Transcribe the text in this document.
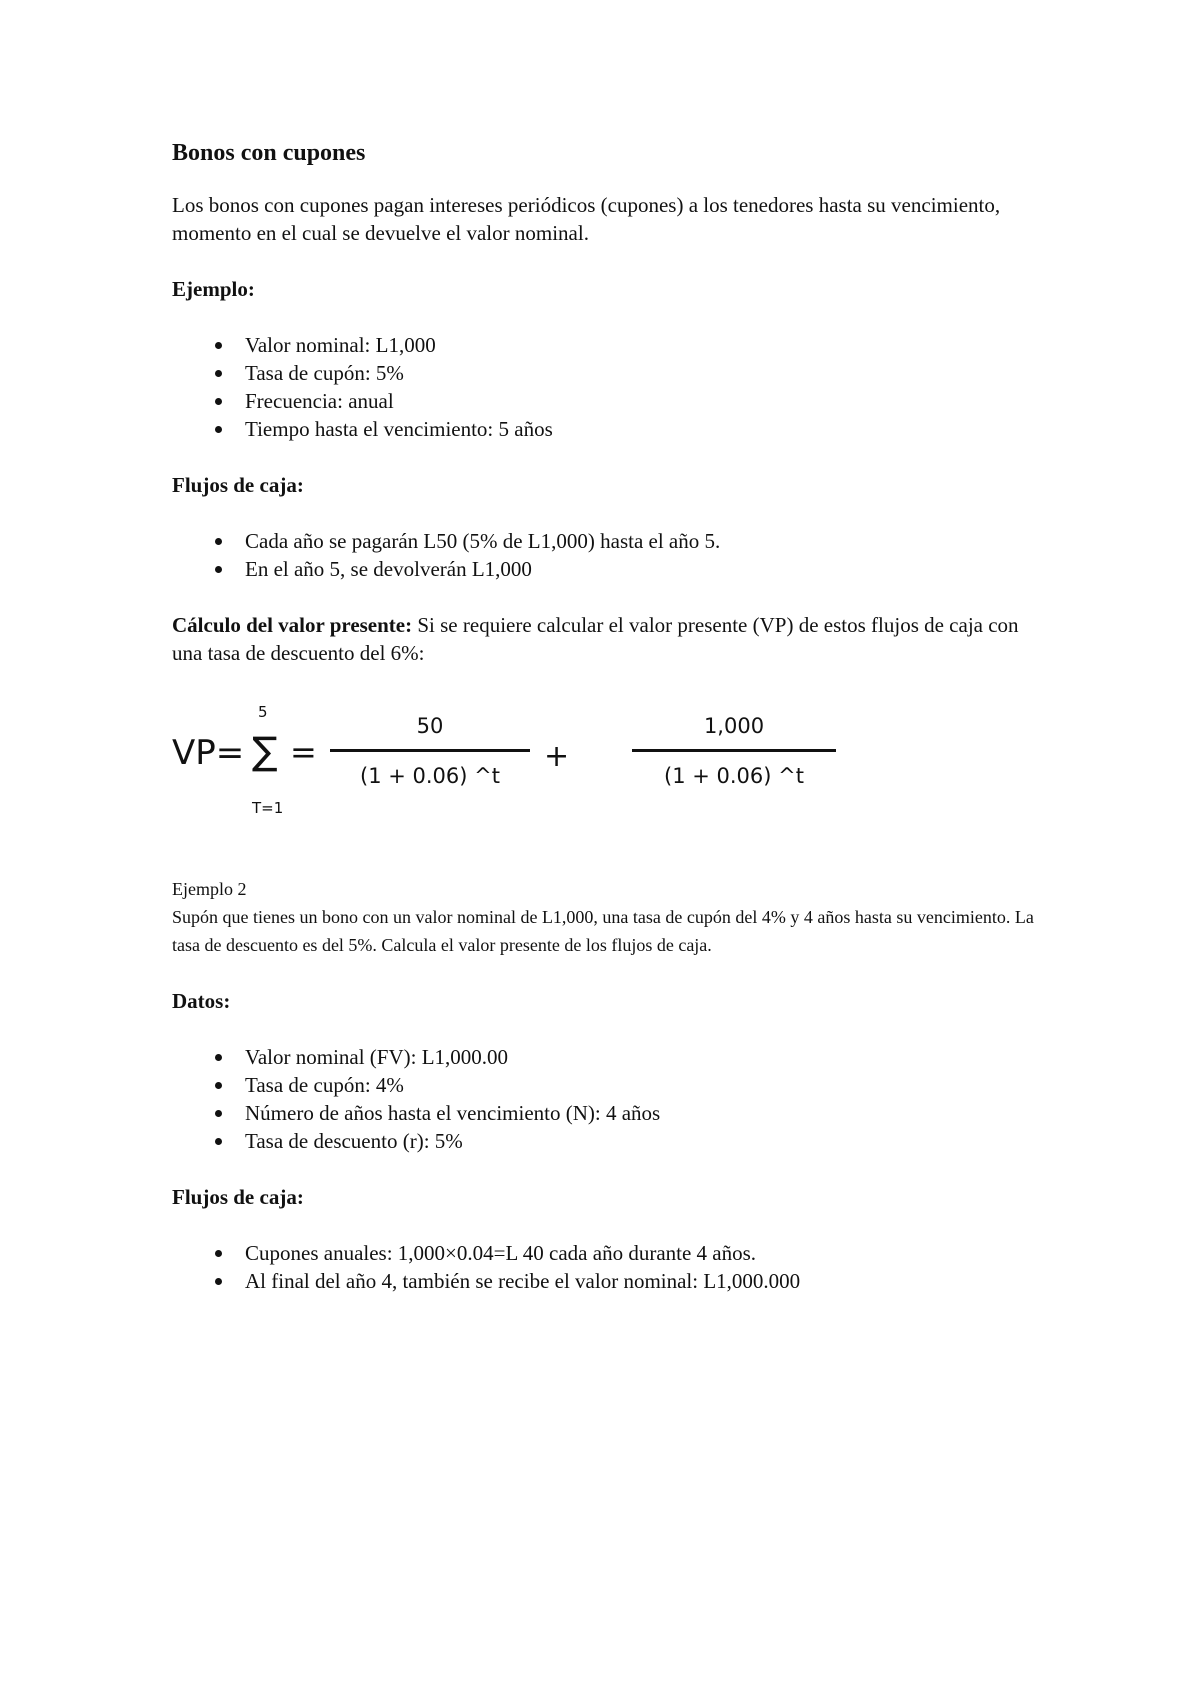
Bonos con cupones

Los bonos con cupones pagan intereses periódicos (cupones) a los tenedores hasta su vencimiento, momento en el cual se devuelve el valor nominal.

Ejemplo:
Valor nominal: L1,000
Tasa de cupón: 5%
Frecuencia: anual
Tiempo hasta el vencimiento: 5 años
Flujos de caja:
Cada año se pagarán L50 (5% de L1,000) hasta el año 5.
En el año 5, se devolverán L1,000

Cálculo del valor presente: Si se requiere calcular el valor presente (VP) de estos flujos de caja con una tasa de descuento del 6%:

VP=
5
∑ =
T=1
50
(1 + 0.06) ^t
+
1,000
(1 + 0.06) ^t

Ejemplo 2

Supón que tienes un bono con un valor nominal de L1,000, una tasa de cupón del 4% y 4 años hasta su vencimiento. La tasa de descuento es del 5%. Calcula el valor presente de los flujos de caja.

Datos:
Valor nominal (FV): L1,000.00
Tasa de cupón: 4%
Número de años hasta el vencimiento (N): 4 años
Tasa de descuento (r): 5%
Flujos de caja:
Cupones anuales: 1,000×0.04=L 40 cada año durante 4 años.
Al final del año 4, también se recibe el valor nominal: L1,000.000
